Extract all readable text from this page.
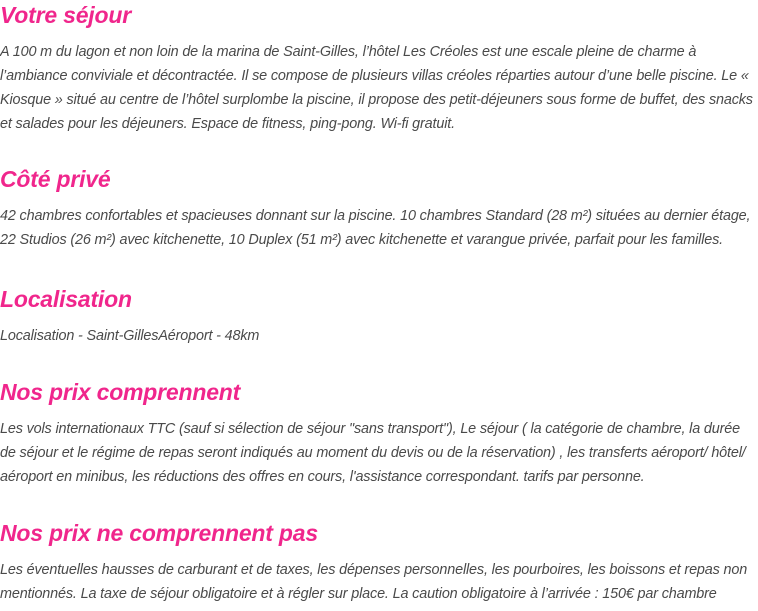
Votre séjour

A 100 m du lagon et non loin de la marina de Saint-Gilles, l’hôtel Les Créoles est une escale pleine de charme à l’ambiance conviviale et décontractée. Il se compose de plusieurs villas créoles réparties autour d’une belle piscine. Le « Kiosque » situé au centre de l’hôtel surplombe la piscine, il propose des petit-déjeuners sous forme de buffet, des snacks et salades pour les déjeuners. Espace de fitness, ping-pong. Wi-fi gratuit.

Côté privé

42 chambres confortables et spacieuses donnant sur la piscine. 10 chambres Standard (28 m²) situées au dernier étage, 22 Studios (26 m²) avec kitchenette, 10 Duplex (51 m²) avec kitchenette et varangue privée, parfait pour les familles.

Localisation

Localisation - Saint-GillesAéroport - 48km

Nos prix comprennent

Les vols internationaux TTC (sauf si sélection de séjour "sans transport"), Le séjour ( la catégorie de chambre, la durée de séjour et le régime de repas seront indiqués au moment du devis ou de la réservation) , les transferts aéroport/ hôtel/ aéroport en minibus, les réductions des offres en cours, l'assistance correspondant. tarifs par personne.

Nos prix ne comprennent pas

Les éventuelles hausses de carburant et de taxes, les dépenses personnelles, les pourboires, les boissons et repas non mentionnés. La taxe de séjour obligatoire et à régler sur place. La caution obligatoire à l’arrivée : 150€ par chambre
